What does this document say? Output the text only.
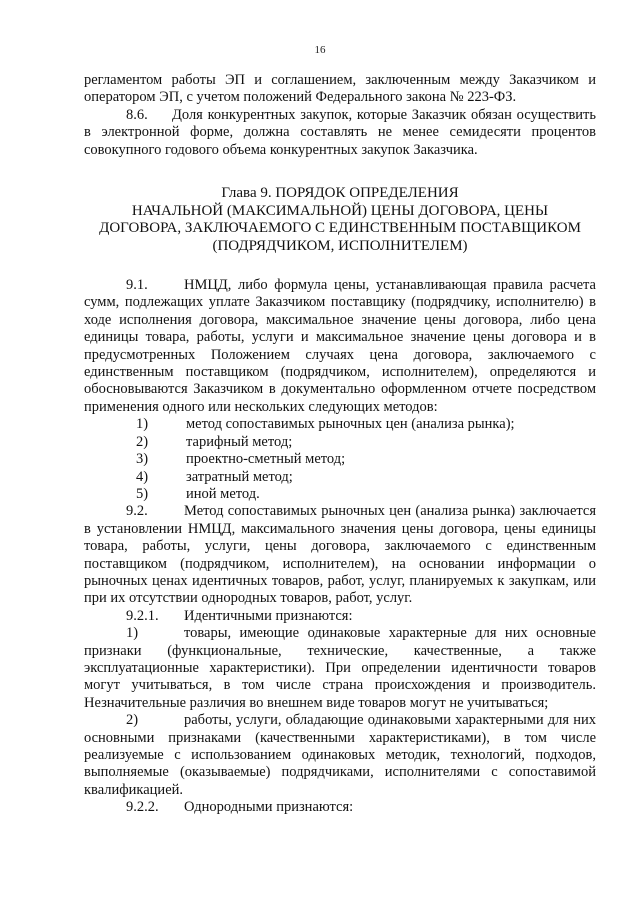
16

регламентом работы ЭП и соглашением, заключенным между Заказчиком и оператором ЭП, с учетом положений Федерального закона № 223-ФЗ.

8.6. Доля конкурентных закупок, которые Заказчик обязан осуществить в электронной форме, должна составлять не менее семидесяти процентов совокупного годового объема конкурентных закупок Заказчика.

Глава 9. ПОРЯДОК ОПРЕДЕЛЕНИЯ
НАЧАЛЬНОЙ (МАКСИМАЛЬНОЙ) ЦЕНЫ ДОГОВОРА, ЦЕНЫ
ДОГОВОРА, ЗАКЛЮЧАЕМОГО С ЕДИНСТВЕННЫМ ПОСТАВЩИКОМ
(ПОДРЯДЧИКОМ, ИСПОЛНИТЕЛЕМ)

9.1.	НМЦД, либо формула цены, устанавливающая правила расчета сумм, подлежащих уплате Заказчиком поставщику (подрядчику, исполнителю) в ходе исполнения договора, максимальное значение цены договора, либо цена единицы товара, работы, услуги и максимальное значение цены договора и в предусмотренных Положением случаях цена договора, заключаемого с единственным поставщиком (подрядчиком, исполнителем), определяются и обосновываются Заказчиком в документально оформленном отчете посредством применения одного или нескольких следующих методов:

1)	метод сопоставимых рыночных цен (анализа рынка);
2)	тарифный метод;
3)	проектно-сметный метод;
4)	затратный метод;
5)	иной метод.

9.2.	Метод сопоставимых рыночных цен (анализа рынка) заключается в установлении НМЦД, максимального значения цены договора, цены единицы товара, работы, услуги, цены договора, заключаемого с единственным поставщиком (подрядчиком, исполнителем), на основании информации о рыночных ценах идентичных товаров, работ, услуг, планируемых к закупкам, или при их отсутствии однородных товаров, работ, услуг.

9.2.1. Идентичными признаются:

1)	товары, имеющие одинаковые характерные для них основные признаки (функциональные, технические, качественные, а также эксплуатационные характеристики). При определении идентичности товаров могут учитываться, в том числе страна происхождения и производитель. Незначительные различия во внешнем виде товаров могут не учитываться;

2)	работы, услуги, обладающие одинаковыми характерными для них основными признаками (качественными характеристиками), в том числе реализуемые с использованием одинаковых методик, технологий, подходов, выполняемые (оказываемые) подрядчиками, исполнителями с сопоставимой квалификацией.

9.2.2. Однородными признаются:
